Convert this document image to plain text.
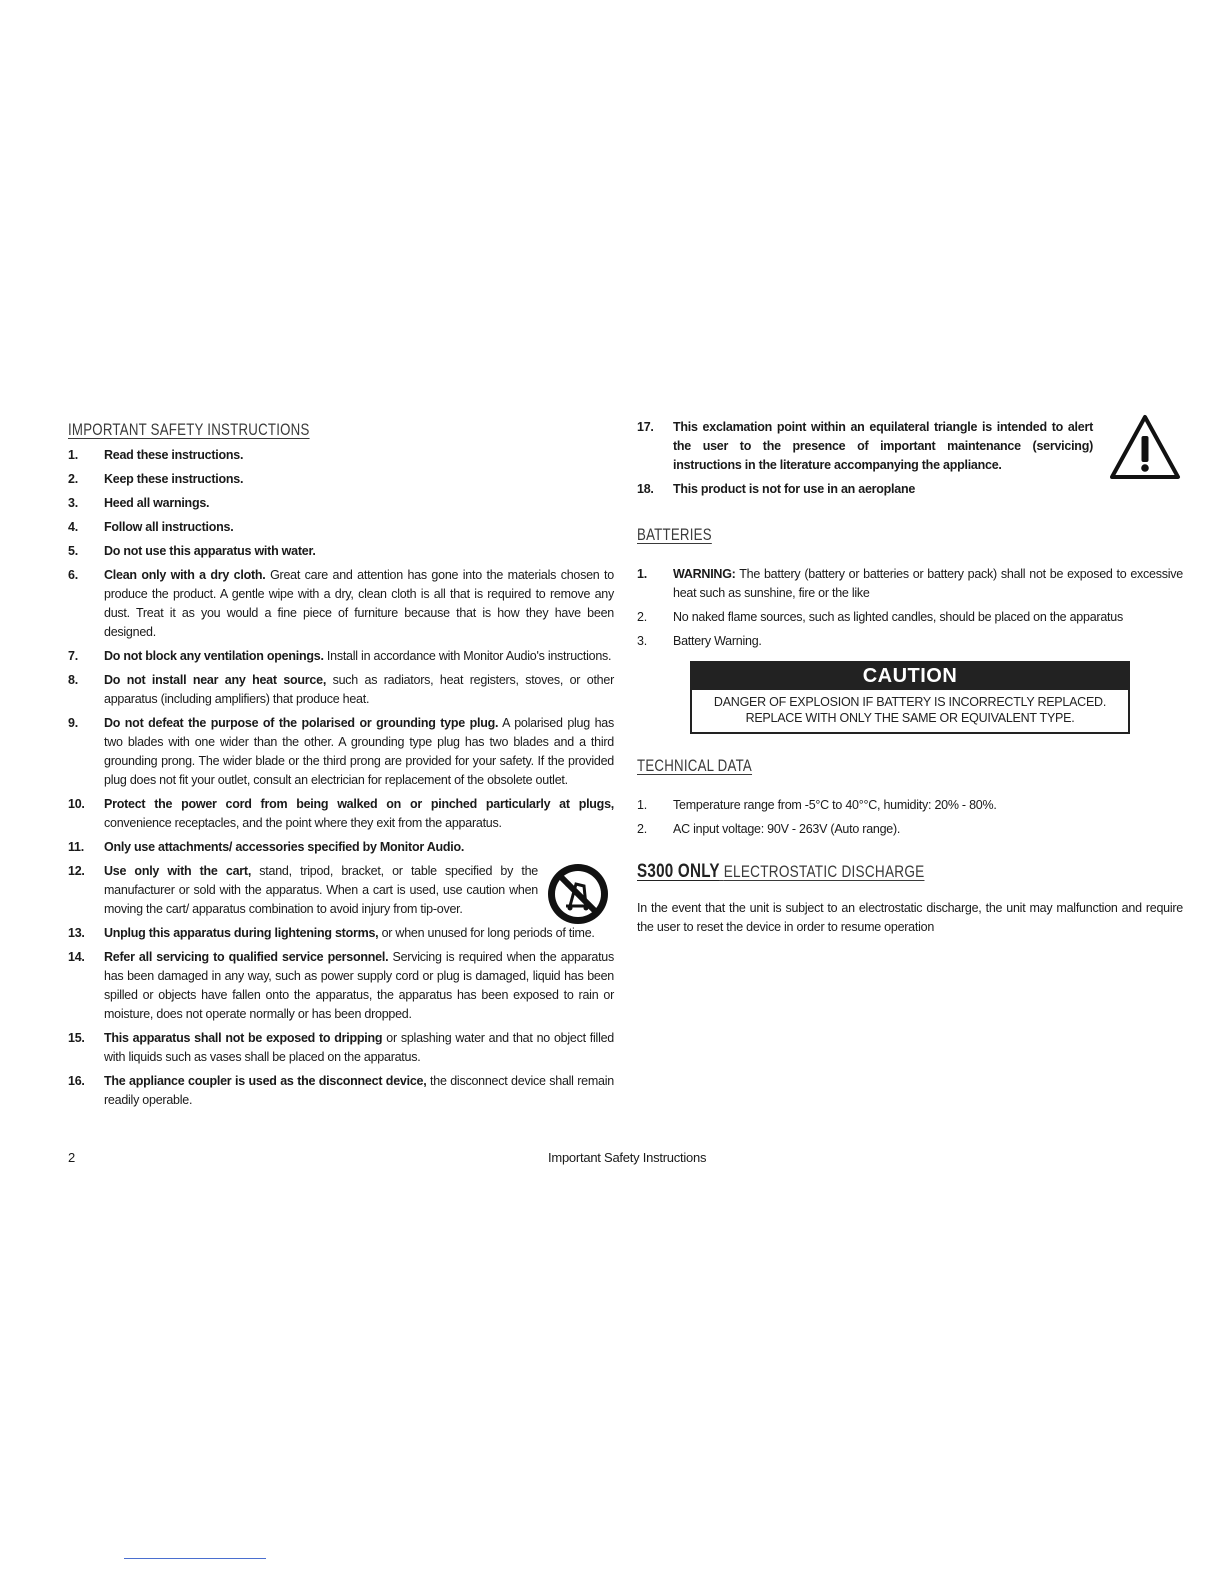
IMPORTANT SAFETY INSTRUCTIONS
1.	Read these instructions.
2.	Keep these instructions.
3.	Heed all warnings.
4.	Follow all instructions.
5.	Do not use this apparatus with water.
6.	Clean only with a dry cloth. Great care and attention has gone into the materials chosen to produce the product. A gentle wipe with a dry, clean cloth is all that is required to remove any dust. Treat it as you would a fine piece of furniture because that is how they have been designed.
7.	Do not block any ventilation openings. Install in accordance with Monitor Audio's instructions.
8.	Do not install near any heat source, such as radiators, heat registers, stoves, or other apparatus (including amplifiers) that produce heat.
9.	Do not defeat the purpose of the polarised or grounding type plug. A polarised plug has two blades with one wider than the other. A grounding type plug has two blades and a third grounding prong. The wider blade or the third prong are provided for your safety. If the provided plug does not fit your outlet, consult an electrician for replacement of the obsolete outlet.
10.	Protect the power cord from being walked on or pinched particularly at plugs, convenience receptacles, and the point where they exit from the apparatus.
11.	Only use attachments/ accessories specified by Monitor Audio.
12.	Use only with the cart, stand, tripod, bracket, or table specified by the manufacturer or sold with the apparatus. When a cart is used, use caution when moving the cart/ apparatus combination to avoid injury from tip-over.
13.	Unplug this apparatus during lightening storms, or when unused for long periods of time.
14.	Refer all servicing to qualified service personnel. Servicing is required when the apparatus has been damaged in any way, such as power supply cord or plug is damaged, liquid has been spilled or objects have fallen onto the apparatus, the apparatus has been exposed to rain or moisture, does not operate normally or has been dropped.
15.	This apparatus shall not be exposed to dripping or splashing water and that no object filled with liquids such as vases shall be placed on the apparatus.
16.	The appliance coupler is used as the disconnect device, the disconnect device shall remain readily operable.
17.	This exclamation point within an equilateral triangle is intended to alert the user to the presence of important maintenance (servicing) instructions in the literature accompanying the appliance.
18.	This product is not for use in an aeroplane
BATTERIES
1.	WARNING: The battery (battery or batteries or battery pack) shall not be exposed to excessive heat such as sunshine, fire or the like
2.	No naked flame sources, such as lighted candles, should be placed on the apparatus
3.	Battery Warning.
CAUTION
DANGER OF EXPLOSION IF BATTERY IS INCORRECTLY REPLACED.
REPLACE WITH ONLY THE SAME OR EQUIVALENT TYPE.
TECHNICAL DATA
1.	Temperature range from -5°C to 40°°C, humidity: 20% - 80%.
2.	AC input voltage: 90V - 263V (Auto range).
S300 ONLY ELECTROSTATIC DISCHARGE
In the event that the unit is subject to an electrostatic discharge, the unit may malfunction and require the user to reset the device in order to resume operation
2	Important Safety Instructions
